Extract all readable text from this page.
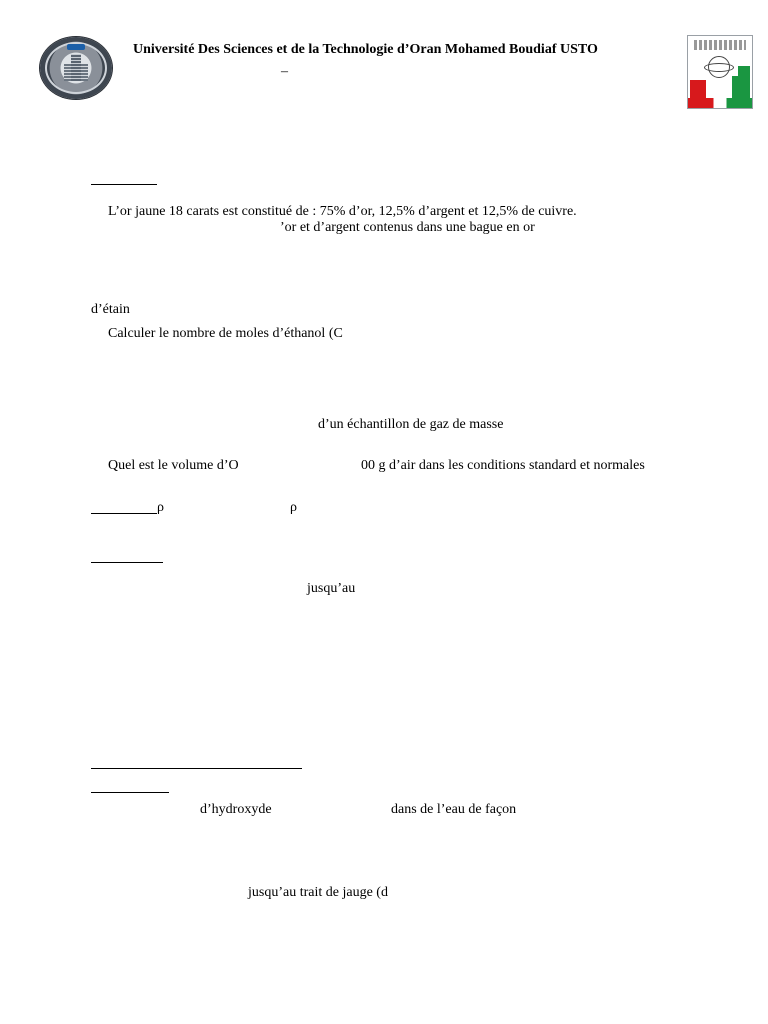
Université Des Sciences et de la Technologie d’Oran Mohamed Boudiaf USTO
–
L’or jaune 18 carats est constitué de : 75% d’or, 12,5% d’argent et 12,5% de cuivre.
’or et d’argent contenus dans une bague en or
d’étain
Calculer le nombre de moles d’éthanol (C
d’un échantillon de gaz de masse
Quel est le volume d’O	00 g d’air dans les conditions standard et normales
ρ	ρ
jusqu’au
d’hydroxyde	dans de l’eau de façon
jusqu’au trait de jauge (d
